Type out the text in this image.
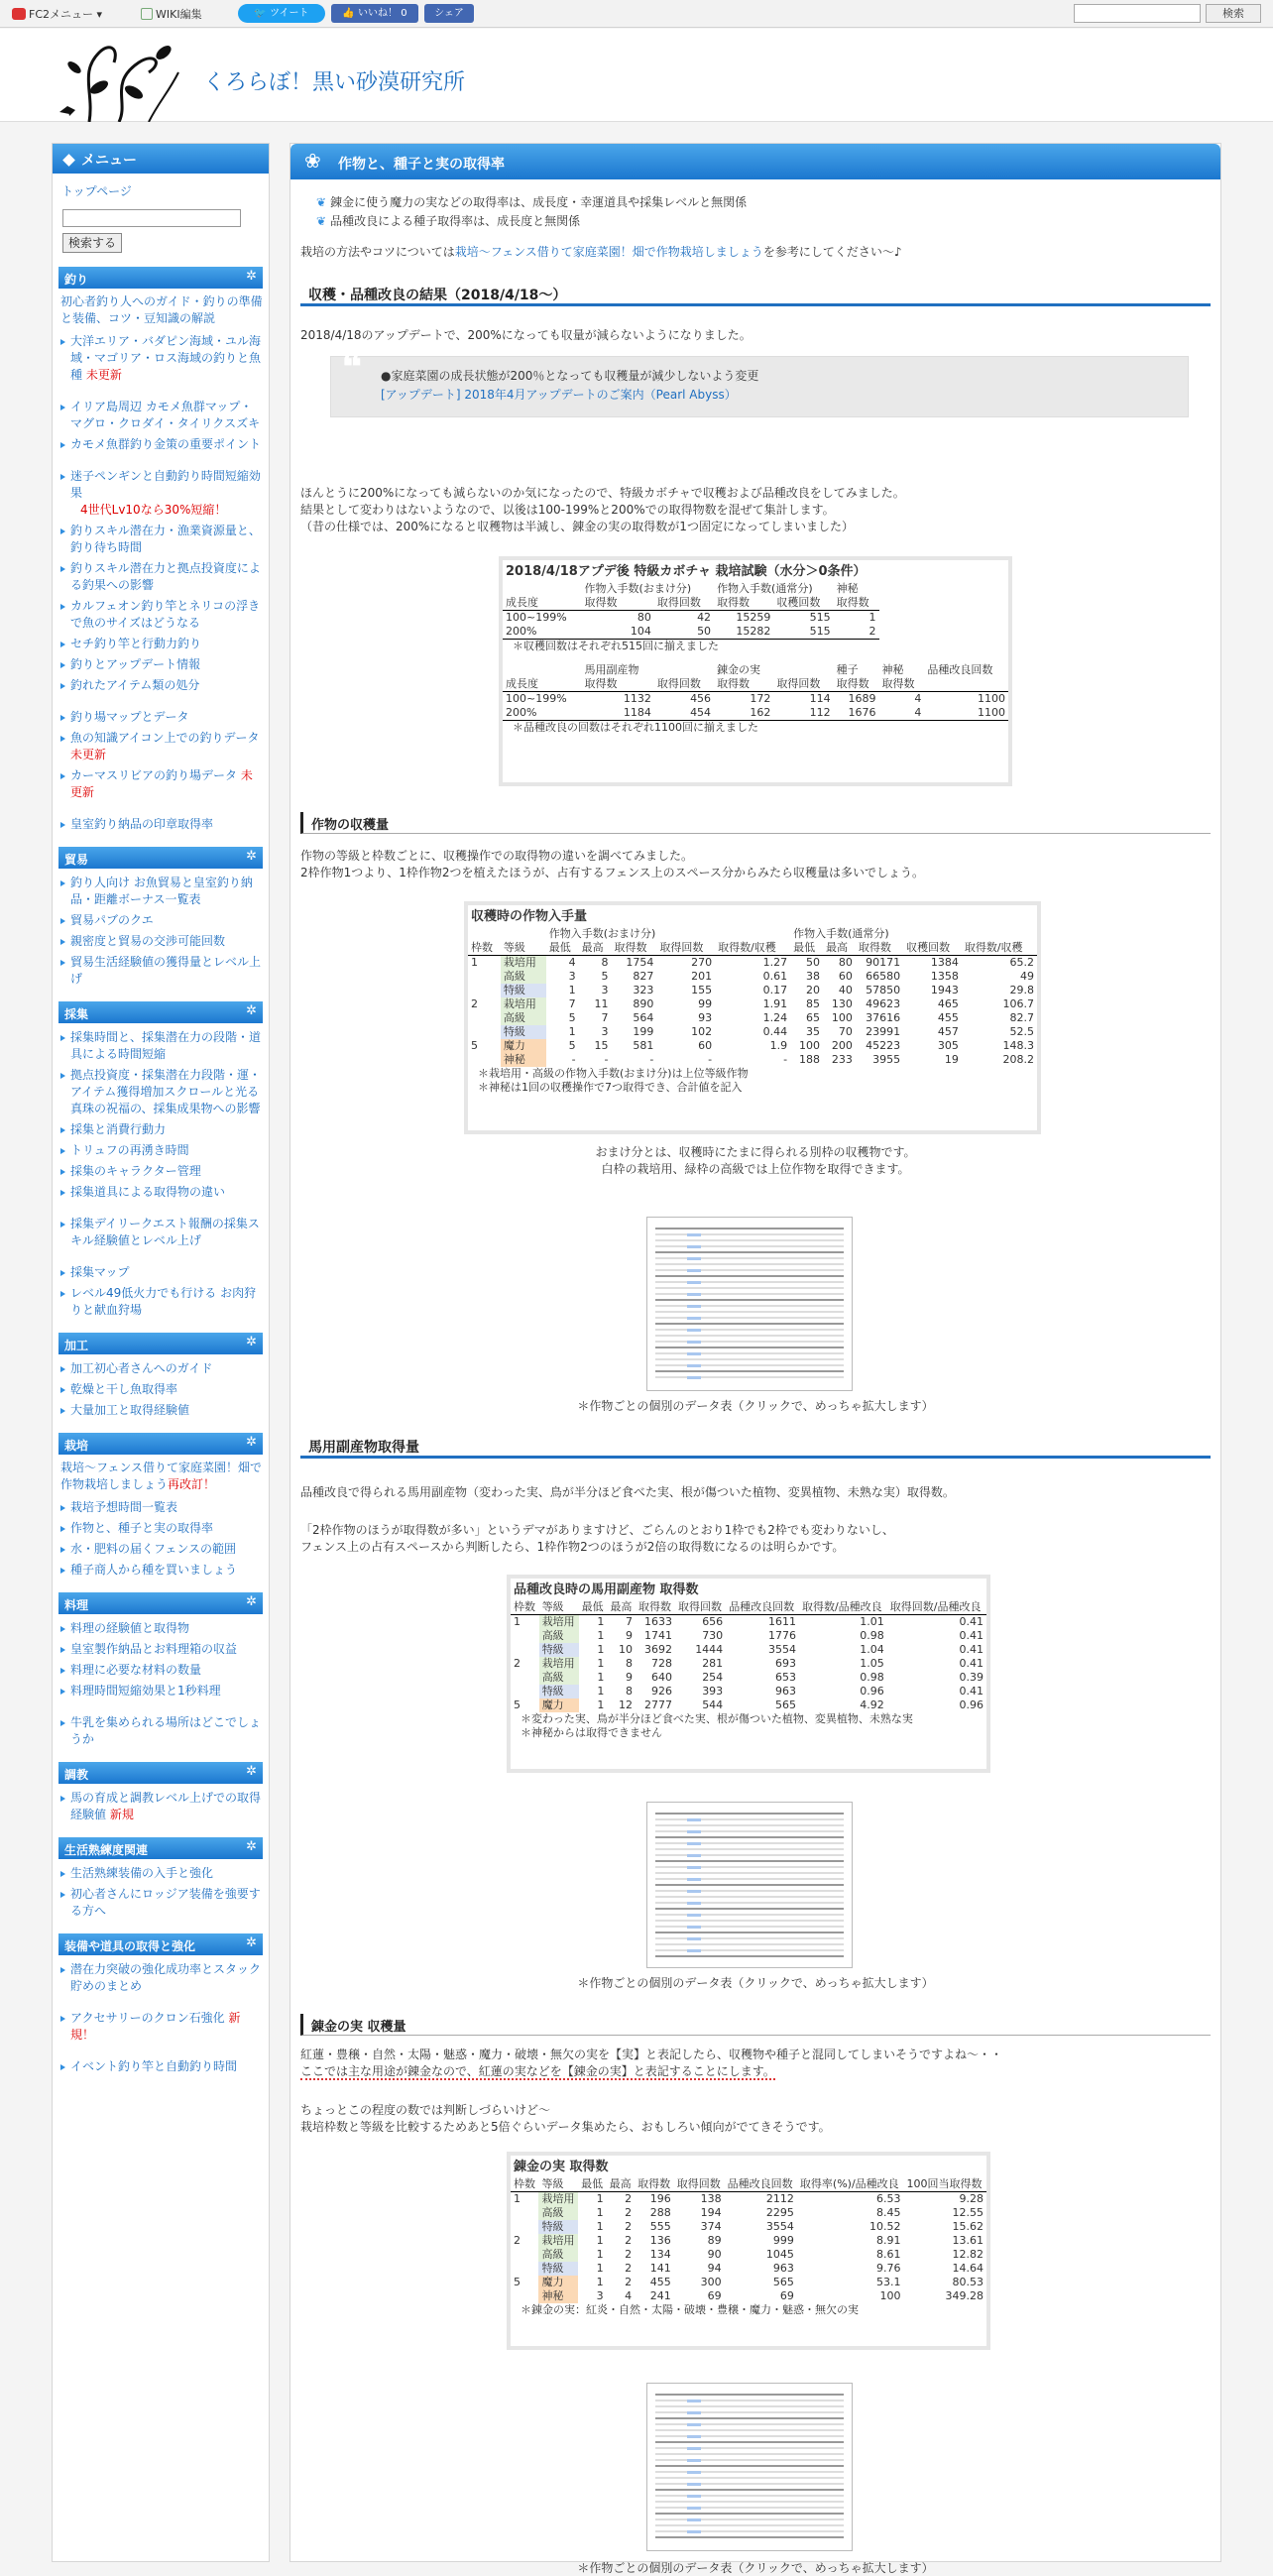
FC2メニュー ▾	WIKI編集	🐦 ツイート	👍 いいね！ 0	シェア	検索
くろらぼ！黒い砂漠研究所
メニュー
トップページ
検索する
釣り	✲
初心者釣り人へのガイド・釣りの準備と装備、コツ・豆知識の解説
大洋エリア・バダピン海域・ユル海域・マゴリア・ロス海域の釣りと魚種 未更新
イリア島周辺 カモメ魚群マップ・マグロ・クロダイ・タイリクスズキ
カモメ魚群釣り金策の重要ポイント
迷子ペンギンと自動釣り時間短縮効果
4世代Lv10なら30%短縮！
釣りスキル潜在力・漁業資源量と、釣り待ち時間
釣りスキル潜在力と拠点投資度による釣果への影響
カルフェオン釣り竿とネリコの浮きで魚のサイズはどうなる
セチ釣り竿と行動力釣り
釣りとアップデート情報
釣れたアイテム類の処分
釣り場マップとデータ
魚の知識アイコン上での釣りデータ 未更新
カーマスリビアの釣り場データ 未更新
皇室釣り納品の印章取得率
貿易	✲
釣り人向け お魚貿易と皇室釣り納品・距離ボーナス一覧表
貿易パブのクエ
親密度と貿易の交渉可能回数
貿易生活経験値の獲得量とレベル上げ
採集	✲
採集時間と、採集潜在力の段階・道具による時間短縮
拠点投資度・採集潜在力段階・運・アイテム獲得増加スクロールと光る真珠の祝福の、採集成果物への影響
採集と消費行動力
トリュフの再湧き時間
採集のキャラクター管理
採集道具による取得物の違い
採集デイリークエスト報酬の採集スキル経験値とレベル上げ
採集マップ
レベル49低火力でも行ける お肉狩りと献血狩場
加工	✲
加工初心者さんへのガイド
乾燥と干し魚取得率
大量加工と取得経験値
栽培	✲
栽培～フェンス借りて家庭菜園！畑で作物栽培しましょう再改訂！
栽培予想時間一覧表
作物と、種子と実の取得率
水・肥料の届くフェンスの範囲
種子商人から種を買いましょう
料理	✲
料理の経験値と取得物
皇室製作納品とお料理箱の収益
料理に必要な材料の数量
料理時間短縮効果と1秒料理
牛乳を集められる場所はどこでしょうか
調教	✲
馬の育成と調教レベル上げでの取得経験値 新規
生活熟練度関連	✲
生活熟練装備の入手と強化
初心者さんにロッジア装備を強要する方へ
装備や道具の取得と強化	✲
潜在力突破の強化成功率とスタック貯めのまとめ
アクセサリーのクロン石強化 新規！
イベント釣り竿と自動釣り時間
❀ 作物と、種子と実の取得率
❦ 錬金に使う魔力の実などの取得率は、成長度・幸運道具や採集レベルと無関係
❦ 品種改良による種子取得率は、成長度と無関係
栽培の方法やコツについては栽培～フェンス借りて家庭菜園！畑で作物栽培しましょうを参考にしてください～♪
収穫・品種改良の結果（2018/4/18～）
2018/4/18のアップデートで、200%になっても収量が減らないようになりました。
❝ ●家庭菜園の成長状態が200％となっても収穫量が減少しないよう変更
[アップデート] 2018年4月アップデートのご案内（Pearl Abyss）
ほんとうに200%になっても減らないのか気になったので、特級カボチャで収穫および品種改良をしてみました。
結果として変わりはないようなので、以後は100-199%と200%での取得物数を混ぜて集計します。
（昔の仕様では、200%になると収穫物は半減し、錬金の実の取得数が1つ固定になってしまいました）
2018/4/18アプデ後 特級カボチャ 栽培試験（水分＞0条件）
	作物入手数(おまけ分)		作物入手数(通常分)		神秘		
成長度	取得数	取得回数	取得数	収穫回数	取得数		
100~199%	80	42	15259	515	1		
200%	104	50	15282	515	2		
＊収穫回数はそれぞれ515回に揃えました							

	馬用副産物		錬金の実		種子	神秘	品種改良回数
成長度	取得数	取得回数	取得数	取得回数	取得数	取得数	
100~199%	1132	456	172	114	1689	4	1100
200%	1184	454	162	112	1676	4	1100
＊品種改良の回数はそれぞれ1100回に揃えました							
作物の収穫量
作物の等級と枠数ごとに、収穫操作での取得物の違いを調べてみました。
2枠作物1つより、1枠作物2つを植えたほうが、占有するフェンス上のスペース分からみたら収穫量は多いでしょう。
収穫時の作物入手量
		作物入手数(おまけ分)					作物入手数(通常分)				
枠数	等級	最低	最高	取得数	取得回数	取得数/収穫	最低	最高	取得数	収穫回数	取得数/収穫
1	栽培用	4	8	1754	270	1.27	50	80	90171	1384	65.2
	高級	3	5	827	201	0.61	38	60	66580	1358	49
	特級	1	3	323	155	0.17	20	40	57850	1943	29.8
2	栽培用	7	11	890	99	1.91	85	130	49623	465	106.7
	高級	5	7	564	93	1.24	65	100	37616	455	82.7
	特級	1	3	199	102	0.44	35	70	23991	457	52.5
5	魔力	5	15	581	60	1.9	100	200	45223	305	148.3
	神秘	-	-	-	-	-	188	233	3955	19	208.2
＊栽培用・高級の作物入手数(おまけ分)は上位等級作物											
＊神秘は1回の収穫操作で7つ取得でき、合計値を記入											
おまけ分とは、収穫時にたまに得られる別枠の収穫物です。
白枠の栽培用、緑枠の高級では上位作物を取得できます。
＊作物ごとの個別のデータ表（クリックで、めっちゃ拡大します）
馬用副産物取得量
品種改良で得られる馬用副産物（変わった実、鳥が半分ほど食べた実、根が傷ついた植物、変異植物、未熟な実）取得数。
「2枠作物のほうが取得数が多い」というデマがありますけど、ごらんのとおり1枠でも2枠でも変わりないし、
フェンス上の占有スペースから判断したら、1枠作物2つのほうが2倍の取得数になるのは明らかです。
品種改良時の馬用副産物 取得数
枠数	等級	最低	最高	取得数	取得回数	品種改良回数	取得数/品種改良	取得回数/品種改良
1	栽培用	1	7	1633	656	1611	1.01	0.41
	高級	1	9	1741	730	1776	0.98	0.41
	特級	1	10	3692	1444	3554	1.04	0.41
2	栽培用	1	8	728	281	693	1.05	0.41
	高級	1	9	640	254	653	0.98	0.39
	特級	1	8	926	393	963	0.96	0.41
5	魔力	1	12	2777	544	565	4.92	0.96
＊変わった実、鳥が半分ほど食べた実、根が傷ついた植物、変異植物、未熟な実								
＊神秘からは取得できません								
＊作物ごとの個別のデータ表（クリックで、めっちゃ拡大します）
錬金の実 収穫量
紅蓮・豊穣・自然・太陽・魅惑・魔力・破壊・無欠の実を【実】と表記したら、収穫物や種子と混同してしまいそうですよね～・・
ここでは主な用途が錬金なので、紅蓮の実などを【錬金の実】と表記することにします。
ちょっとこの程度の数では判断しづらいけど～
栽培枠数と等級を比較するためあと5倍ぐらいデータ集めたら、おもしろい傾向がでてきそうです。
錬金の実 取得数
枠数	等級	最低	最高	取得数	取得回数	品種改良回数	取得率(%)/品種改良	100回当取得数
1	栽培用	1	2	196	138	2112	6.53	9.28
	高級	1	2	288	194	2295	8.45	12.55
	特級	1	2	555	374	3554	10.52	15.62
2	栽培用	1	2	136	89	999	8.91	13.61
	高級	1	2	134	90	1045	8.61	12.82
	特級	1	2	141	94	963	9.76	14.64
5	魔力	1	2	455	300	565	53.1	80.53
	神秘	3	4	241	69	69	100	349.28
＊錬金の実：紅炎・自然・太陽・破壊・豊穣・魔力・魅惑・無欠の実								
＊作物ごとの個別のデータ表（クリックで、めっちゃ拡大します）
